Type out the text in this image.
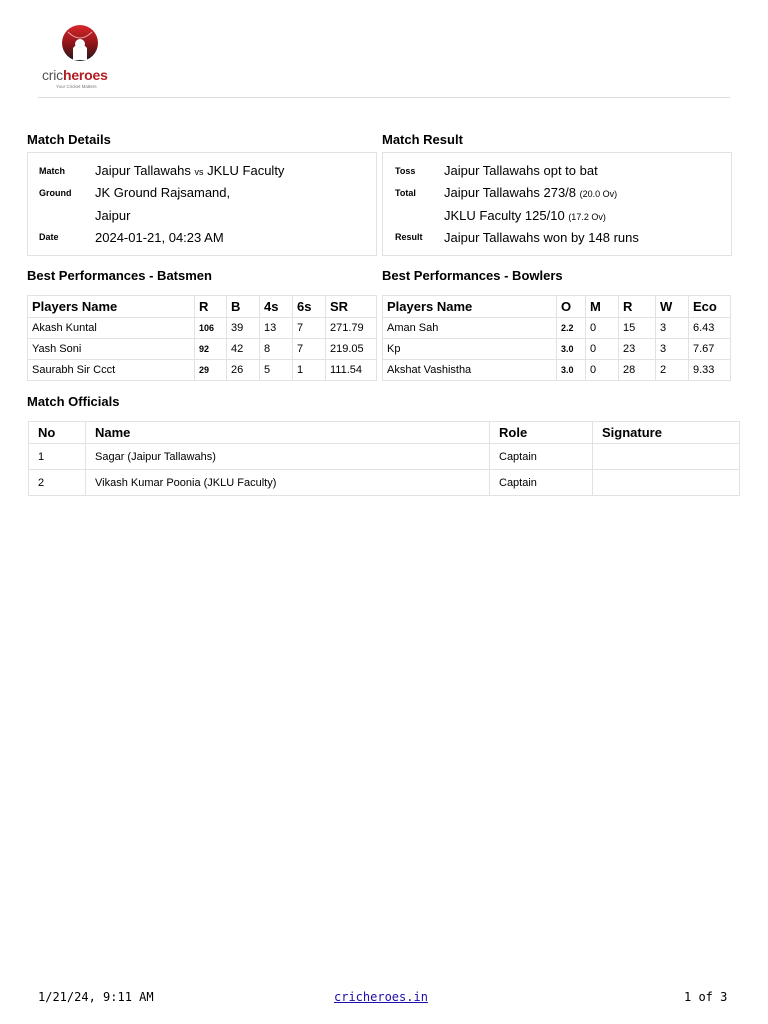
cricheroes
Your Cricket Matters
Match Details
Match Jaipur Tallawahs vs JKLU Faculty
Ground JK Ground Rajsamand,
Jaipur
Date	2024-01-21, 04:23 AM
Match Result
Toss Jaipur Tallawahs opt to bat
Total Jaipur Tallawahs 273/8 (20.0 Ov)
JKLU Faculty 125/10 (17.2 Ov)
Result Jaipur Tallawahs won by 148 runs
Best Performances - Batsmen
Players Name	R	B	4s	6s	SR
Akash Kuntal	106	39	13	7	271.79
Yash Soni	92	42	8	7	219.05
Saurabh Sir Ccct	29	26	5	1	111.54
Best Performances - Bowlers
Players Name	O	M	R	W	Eco
Aman Sah	2.2	0	15	3	6.43
Kp	3.0	0	23	3	7.67
Akshat Vashistha	3.0	0	28	2	9.33
Match Officials
No	Name	Role	Signature
1	Sagar (Jaipur Tallawahs)	Captain	
2	Vikash Kumar Poonia (JKLU Faculty)	Captain	
1/21/24, 9:11 AM	cricheroes.in	1 of 3
